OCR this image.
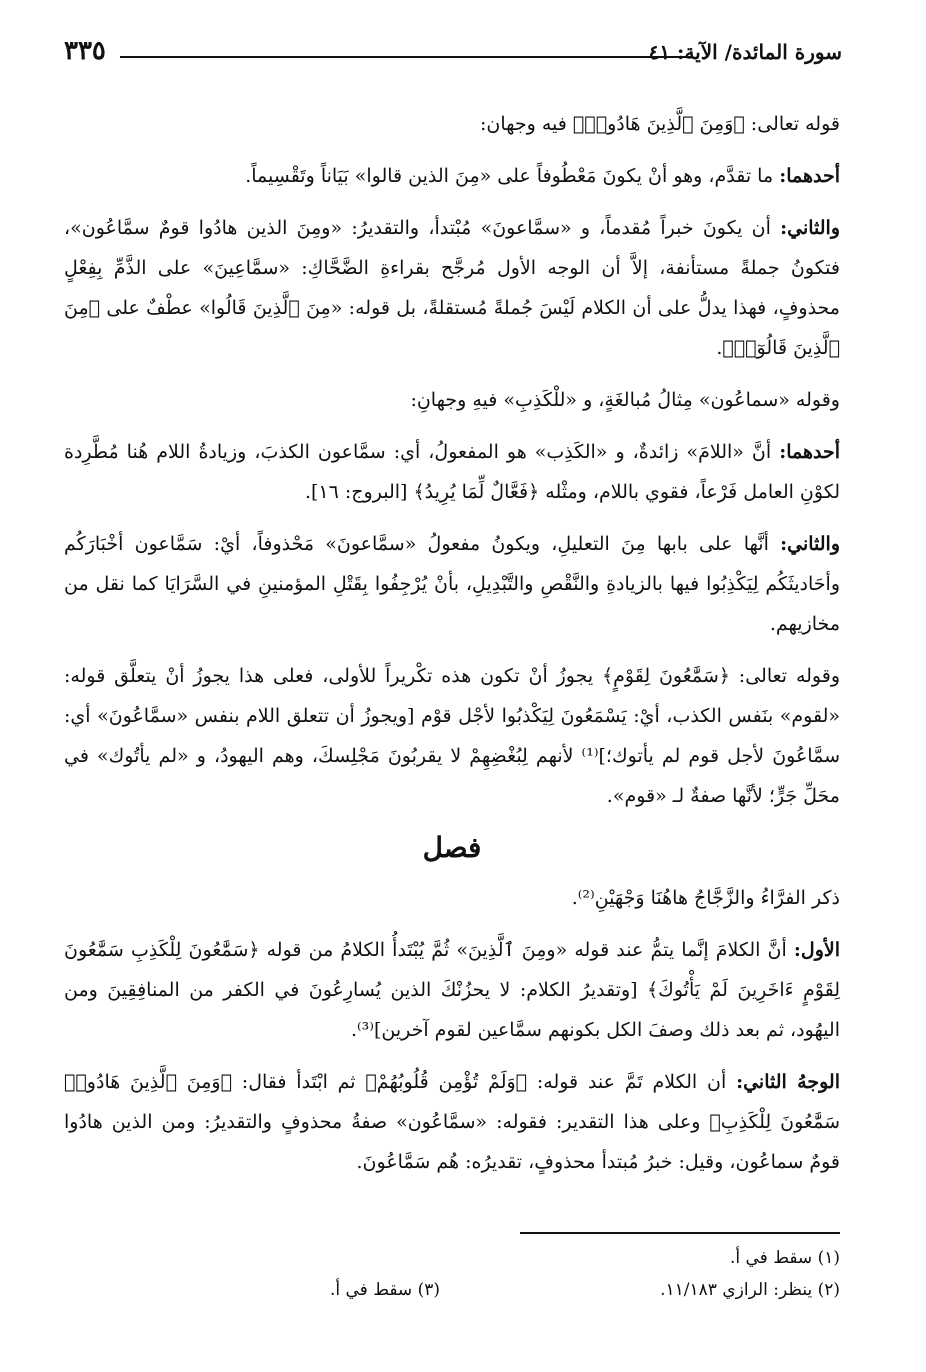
سورة المائدة/ الآية: ٤١
٣٣٥

قوله تعالى: ﴿وَمِنَ ٱلَّذِينَ هَادُوا۟﴾ فيه وجهان:

أحدهما: ما تقدَّم، وهو أنْ يكونَ مَعْطُوفاً على «مِنَ الذين قالوا» بَيَاناً وتَقْسِيماً.

والثاني: أن يكونَ خبراً مُقدماً، و «سمَّاعونَ» مُبْتدأ، والتقديرُ: «ومِنَ الذين هادُوا قومٌ سمَّاعُون»، فتكونُ جملةً مستأنفة، إلاَّ أن الوجه الأول مُرجَّح بقراءةِ الضَّحَّاكِ: «سمَّاعِينَ» على الذَّمِّ بِفِعْلٍ محذوفٍ، فهذا يدلُّ على أن الكلام لَيْسَ جُملةً مُستقلةً، بل قوله: «مِنَ ٱلَّذِينَ قَالُوا» عطْفٌ على ﴿مِنَ ٱلَّذِينَ قَالُوٓا۟﴾.

وقوله «سماعُون» مِثالُ مُبالغَةٍ، و «للْكَذِبِ» فيهِ وجهانِ:

أحدهما: أنَّ «اللامَ» زائدةٌ، و «الكَذِب» هو المفعولُ، أي: سمَّاعون الكذبَ، وزيادةُ اللام هُنا مُطَّرِدة لكوْنِ العامل فَرْعاً، فقوي باللام، ومثْله ﴿فَعَّالٌ لِّمَا يُرِيدُ﴾ [البروج: ١٦].

والثاني: أنَّها على بابها مِنَ التعليلِ، ويكونُ مفعولُ «سمَّاعونَ» مَحْذوفاً، أيْ: سَمَّاعون أخْبَارَكُم وأحَاديثَكُم لِيَكْذِبُوا فيها بالزيادةِ والنَّقْصِ والتَّبْدِيلِ، بأنْ يُرْجِفُوا بِقَتْلِ المؤمنينِ في السَّرَايَا كما نقل من مخازيهم.

وقوله تعالى: ﴿سَمَّٰعُونَ لِقَوْمٍ﴾ يجوزُ أنْ تكون هذه تكْريراً للأولى، فعلى هذا يجوزُ أنْ يتعلَّق قوله: «لقوم» بنَفس الكذب، أيْ: يَسْمَعُونَ لِيَكْذبُوا لأجْل قوْم [ويجوزُ أن تتعلق اللام بنفس «سمَّاعُونَ» أي: سمَّاعُونَ لأجل قوم لم يأتوك؛]⁽¹⁾ لأنهم لِبُغْضِهِمْ لا يقربُونَ مَجْلِسكَ، وهم اليهودُ، و «لم يأتُوك» في محَلِّ جَرٍّ؛ لأنَّها صفةٌ لـ «قوم».

فصل

ذكر الفرَّاءُ والزَّجَّاجُ هاهُنَا وَجْهَيْنِ⁽²⁾.

الأول: أنَّ الكلامَ إنَّما يتمُّ عند قوله «ومِنَ ٱلَّذِينَ» ثُمَّ يُبْتَدأُ الكلامُ من قوله ﴿سَمَّٰعُونَ لِلْكَذِبِ سَمَّٰعُونَ لِقَوْمٍ ءَاخَرِينَ لَمْ يَأْتُوكَ﴾ [وتقديرُ الكلام: لا يحزُنْكَ الذين يُسارِعُونَ في الكفر من المنافِقِينَ ومن اليهُود، ثم بعد ذلك وصفَ الكل بكونهم سمَّاعين لقوم آخرين]⁽³⁾.

الوجهُ الثاني: أن الكلام تَمَّ عند قوله: ﴿وَلَمْ تُؤْمِن قُلُوبُهُمْ﴾ ثم ابْتَدأ فقال: ﴿وَمِنَ ٱلَّذِينَ هَادُوا۟ سَمَّٰعُونَ لِلْكَذِبِ﴾ وعلى هذا التقدير: فقوله: «سمَّاعُون» صفةُ محذوفٍ والتقديرُ: ومن الذين هادُوا قومٌ سماعُون، وقيل: خبرُ مُبتدأ محذوفٍ، تقديرُه: هُم سَمَّاعُونَ.

(١) سقط في أ.
(٢) ينظر: الرازي ١١/١٨٣.
(٣) سقط في أ.
